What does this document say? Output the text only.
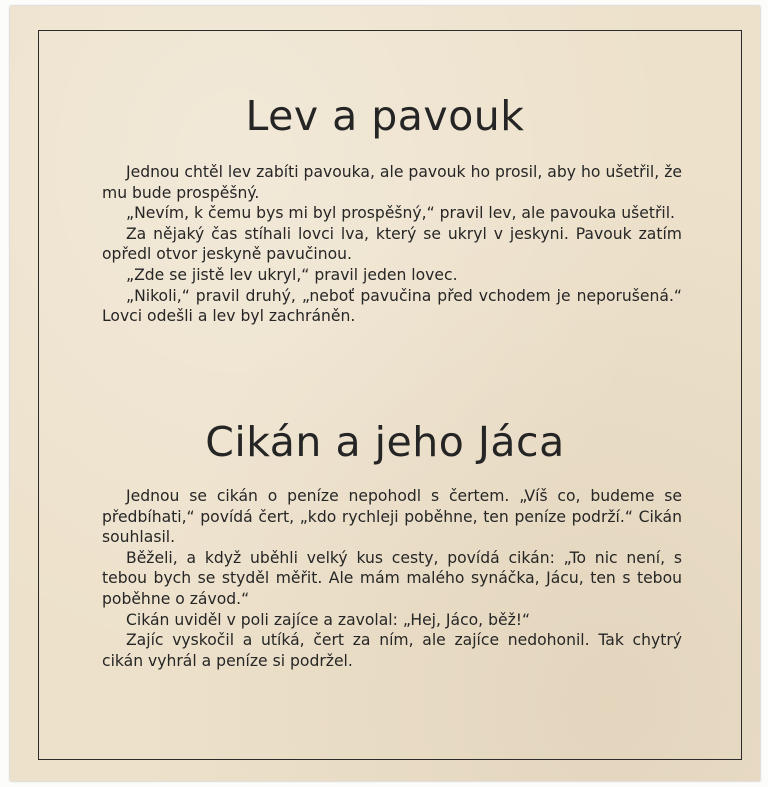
Lev a pavouk

Jednou chtěl lev zabíti pavouka, ale pavouk ho prosil, aby ho ušetřil, že mu bude prospěšný.

„Nevím, k čemu bys mi byl prospěšný,“ pravil lev, ale pavouka ušetřil.

Za nějaký čas stíhali lovci lva, který se ukryl v jeskyni. Pavouk zatím opředl otvor jeskyně pavučinou.

„Zde se jistě lev ukryl,“ pravil jeden lovec.

„Nikoli,“ pravil druhý, „neboť pavučina před vchodem je neporušená.“ Lovci odešli a lev byl zachráněn.

Cikán a jeho Jáca

Jednou se cikán o peníze nepohodl s čertem. „Víš co, budeme se předbíhati,“ povídá čert, „kdo rychleji poběhne, ten peníze podrží.“ Cikán souhlasil.

Běželi, a když uběhli velký kus cesty, povídá cikán: „To nic není, s tebou bych se styděl měřit. Ale mám malého synáčka, Jácu, ten s tebou poběhne o závod.“

Cikán uviděl v poli zajíce a zavolal: „Hej, Jáco, běž!“

Zajíc vyskočil a utíká, čert za ním, ale zajíce nedohonil. Tak chytrý cikán vyhrál a peníze si podržel.
